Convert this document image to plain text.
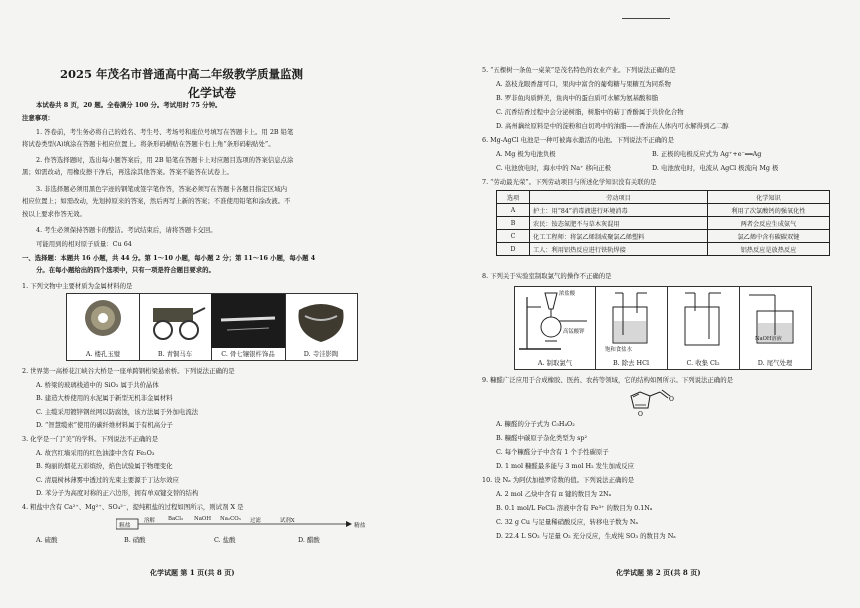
2025 年茂名市普通高中高二年级教学质量监测
化学试卷
本试卷共 8 页，20 题。全卷满分 100 分。考试用时 75 分钟。
注意事项：
1. 答卷前，考生务必将自己的姓名、考生号、考场号和座位号填写在答题卡上。用 2B 铅笔
将试卷类型(A)填涂在答题卡相应位置上。将条形码横贴在答题卡右上角“条形码粘贴处”。
2. 作答选择题时，选出每小题答案后，用 2B 铅笔在答题卡上对应题目选项的答案信息点涂
黑；如需改动，用橡皮擦干净后，再选涂其他答案。答案不能答在试卷上。
3. 非选择题必须用黑色字迹的钢笔或签字笔作答，答案必须写在答题卡各题目指定区域内
相应位置上；如需改动，先划掉原来的答案，然后再写上新的答案；不准使用铅笔和涂改液。不
按以上要求作答无效。
4. 考生必须保持答题卡的整洁。考试结束后，请将答题卡交回。
可能用到的相对原子质量：Cu 64
一、选择题：本题共 16 小题，共 44 分。第 1～10 小题，每小题 2 分；第 11～16 小题，每小题 4
分。在每小题给出的四个选项中，只有一项是符合题目要求的。
1. 下列文物中主要材质为金属材料的是
A. 楼孔玉璧	B. 青铜马车	C. 骨七镶银杵饰品	D. 寺洼影陶
2. 世界第一高桥花江峡谷大桥是一座单跨钢桁梁悬索桥。下列说法正确的是
A. 桥梁的玻璃栈道中的 SiO₂ 属于共价晶体
B. 建造大桥使用的水泥属于新型无机非金属材料
C. 主缆采用镀锌钢丝网以防腐蚀，该方法属于外加电流法
D. “智慧缆索”使用的碳纤维材料属于有机高分子
3. 化学是一门“美”的学科。下列说法不正确的是
A. 故宫红墙采用的红色油漆中含有 Fe₂O₃
B. 绚丽的烟花五彩缤纷，焰色试验属于物理变化
C. 清晨树林薄雾中透过的光束主要源于丁达尔效应
D. 苯分子为高度对称的正六边形，拥有单双键交替的结构
4. 粗盐中含有 Ca²⁺、Mg²⁺、SO₄²⁻，提纯粗盐的过程如图所示，则试剂 X 是
粗盐
溶解 BaCl₂ NaOH Na₂CO₃ 过滤	试剂X
精盐
A. 硫酸	B. 硝酸	C. 盐酸	D. 醋酸
化学试题 第 1 页(共 8 页)
5. “五棵树一条鱼一桌菜”是茂名特色的农业产业。下列说法正确的是
A. 荔枝龙眼香甜可口，果肉中富含的葡萄糖与果糖互为同系物
B. 罗非鱼肉质鲜美，鱼肉中的蛋白质可水解为氨基酸和脂
C. 沉香结香过程中会分泌树脂，树脂中的萜丁香酚属于共价化合物
D. 高州藕丝原料是中的淀粉和白切鸡中的油脂——香油在人体内可水解得到乙二醇
6. Mg-AgCl 电池是一种可被海水激活的电池。下列说法不正确的是
A. Mg 极为电池负极	B. 正极的电极反应式为 Ag⁺+e⁻══Ag
C. 电池放电时，海水中的 Na⁺ 移向正极	D. 电池放电时，电流从 AgCl 极流向 Mg 极
7. “劳动最光荣”。下列劳动项目与所述化学知识没有关联的是
选项	劳动项目	化学知识
A	护士：用“84”消毒液进行环境消毒	利用了次氯酸钙的强氧化性
B	农民：铵态氮肥不与草木灰混用	两者会反应生成氨气
C	化工工程师：将氯乙烯制成聚氯乙烯塑料	氯乙烯中含有碳碳双键
D	工人：利用铝热反应进行铁轨焊接	铝热反应是放热反应
8. 下列关于实验室制取氯气的操作不正确的是
浓盐酸
高锰酸钾
A. 制取氯气
饱和食盐水
B. 除去 HCl	C. 收集 Cl₂
NaOH溶液
D. 尾气处理
9. 糠醛广泛应用于合成橡胶、医药、农药等领域，它的结构如图所示。下列说法正确的是
O
O
A. 糠醛的分子式为 C₅H₄O₂
B. 糠醛中碳原子杂化类型为 sp²
C. 每个糠醛分子中含有 1 个手性碳原子
D. 1 mol 糠醛最多能与 3 mol H₂ 发生加成反应
10. 设 Nₐ 为阿伏加德罗常数的值。下列说法正确的是
A. 2 mol 乙炔中含有 π 键的数目为 2Nₐ
B. 0.1 mol/L FeCl₃ 溶液中含有 Fe³⁺ 的数目为 0.1Nₐ
C. 32 g Cu 与足量稀硝酸反应，转移电子数为 Nₐ
D. 22.4 L SO₂ 与足量 O₂ 充分反应，生成纯 SO₃ 的数目为 Nₐ
化学试题 第 2 页(共 8 页)
